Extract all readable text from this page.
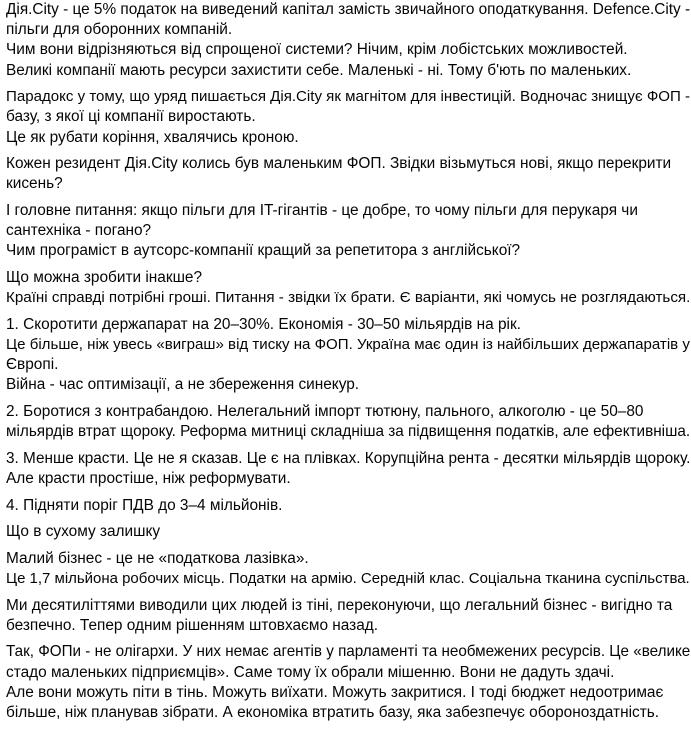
Дія.City - це 5% податок на виведений капітал замість звичайного оподаткування. Defence.City -
пільги для оборонних компаній.
Чим вони відрізняються від спрощеної системи? Нічим, крім лобістських можливостей.
Великі компанії мають ресурси захистити себе. Маленькі - ні. Тому б'ють по маленьких.
Парадокс у тому, що уряд пишається Дія.City як магнітом для інвестицій. Водночас знищує ФОП -
базу, з якої ці компанії виростають.
Це як рубати коріння, хвалячись кроною.
Кожен резидент Дія.City колись був маленьким ФОП. Звідки візьмуться нові, якщо перекрити
кисень?
І головне питання: якщо пільги для IT-гігантів - це добре, то чому пільги для перукаря чи
сантехніка - погано?
Чим програміст в аутсорс-компанії кращий за репетитора з англійської?
Що можна зробити інакше?
Країні справді потрібні гроші. Питання - звідки їх брати. Є варіанти, які чомусь не розглядаються.
1. Скоротити держапарат на 20–30%. Економія - 30–50 мільярдів на рік.
Це більше, ніж увесь «виграш» від тиску на ФОП. Україна має один із найбільших держапаратів у
Європі.
Війна - час оптимізації, а не збереження синекур.
2. Боротися з контрабандою. Нелегальний імпорт тютюну, пального, алкоголю - це 50–80
мільярдів втрат щороку. Реформа митниці складніша за підвищення податків, але ефективніша.
3. Менше красти. Це не я сказав. Це є на плівках. Корупційна рента - десятки мільярдів щороку.
Але красти простіше, ніж реформувати.
4. Підняти поріг ПДВ до 3–4 мільйонів.
Що в сухому залишку
Малий бізнес - це не «податкова лазівка».
Це 1,7 мільйона робочих місць. Податки на армію. Середній клас. Соціальна тканина суспільства.
Ми десятиліттями виводили цих людей із тіні, переконуючи, що легальний бізнес - вигідно та
безпечно. Тепер одним рішенням штовхаємо назад.
Так, ФОПи - не олігархи. У них немає агентів у парламенті та необмежених ресурсів. Це «велике
стадо маленьких підприємців». Саме тому їх обрали мішенню. Вони не дадуть здачі.
Але вони можуть піти в тінь. Можуть виїхати. Можуть закритися. І тоді бюджет недоотримає
більше, ніж планував зібрати. А економіка втратить базу, яка забезпечує обороноздатність.
